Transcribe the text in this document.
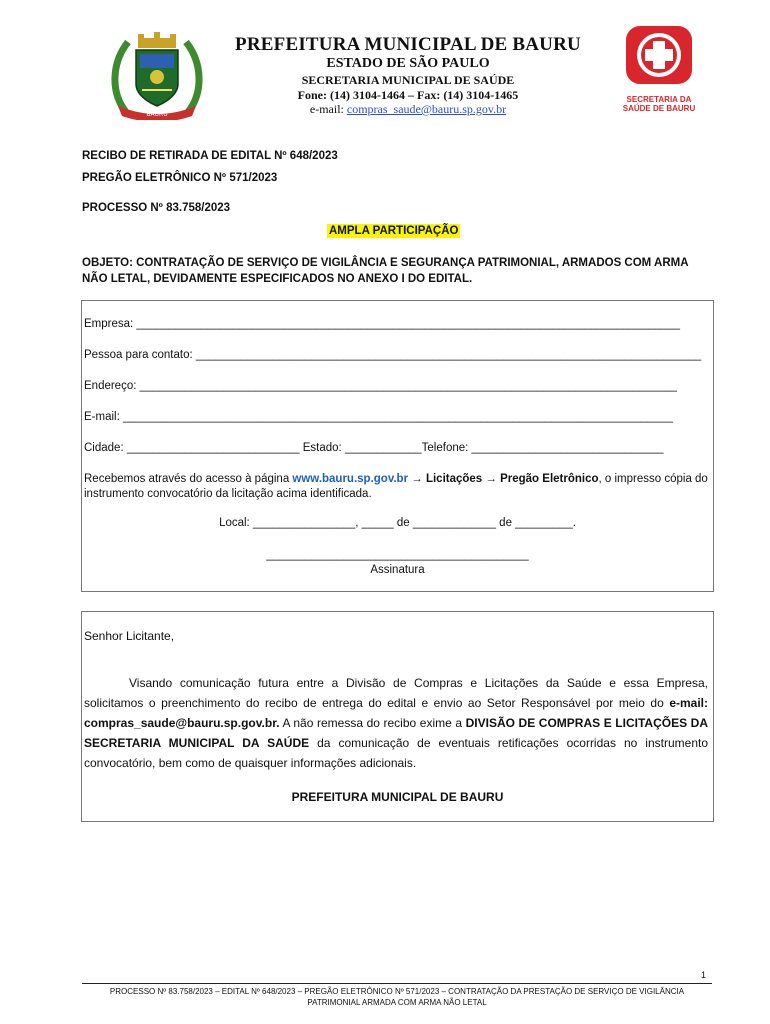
BAURU
PREFEITURA MUNICIPAL DE BAURU
ESTADO DE SÃO PAULO
SECRETARIA MUNICIPAL DE SAÚDE
Fone: (14) 3104-1464 – Fax: (14) 3104-1465
e-mail: compras_saude@bauru.sp.gov.br
SECRETARIA DA
SAÚDE DE BAURU
RECIBO DE RETIRADA DE EDITAL Nº 648/2023
PREGÃO ELETRÔNICO Nº 571/2023
PROCESSO Nº 83.758/2023
AMPLA PARTICIPAÇÃO
OBJETO: CONTRATAÇÃO DE SERVIÇO DE VIGILÂNCIA E SEGURANÇA PATRIMONIAL, ARMADOS COM ARMA NÃO LETAL, DEVIDAMENTE ESPECIFICADOS NO ANEXO I DO EDITAL.
Empresa: _____________________________________________________________________________________
Pessoa para contato: _______________________________________________________________________________
Endereço: ____________________________________________________________________________________
E-mail: ______________________________________________________________________________________
Cidade: ___________________________ Estado: ____________Telefone: ______________________________
Recebemos através do acesso à página www.bauru.sp.gov.br → Licitações → Pregão Eletrônico, o impresso cópia do instrumento convocatório da licitação acima identificada.
Local: ________________, _____ de _____________ de _________.
_________________________________________
Assinatura
Senhor Licitante,
Visando comunicação futura entre a Divisão de Compras e Licitações da Saúde e essa Empresa, solicitamos o preenchimento do recibo de entrega do edital e envio ao Setor Responsável por meio do e-mail: compras_saude@bauru.sp.gov.br. A não remessa do recibo exime a DIVISÃO DE COMPRAS E LICITAÇÕES DA SECRETARIA MUNICIPAL DA SAÚDE da comunicação de eventuais retificações ocorridas no instrumento convocatório, bem como de quaisquer informações adicionais.
PREFEITURA MUNICIPAL DE BAURU
1
PROCESSO Nº 83.758/2023 – EDITAL Nº 648/2023 – PREGÃO ELETRÔNICO Nº 571/2023 – CONTRATAÇÃO DA PRESTAÇÃO DE SERVIÇO DE VIGILÂNCIA
PATRIMONIAL ARMADA COM ARMA NÃO LETAL
